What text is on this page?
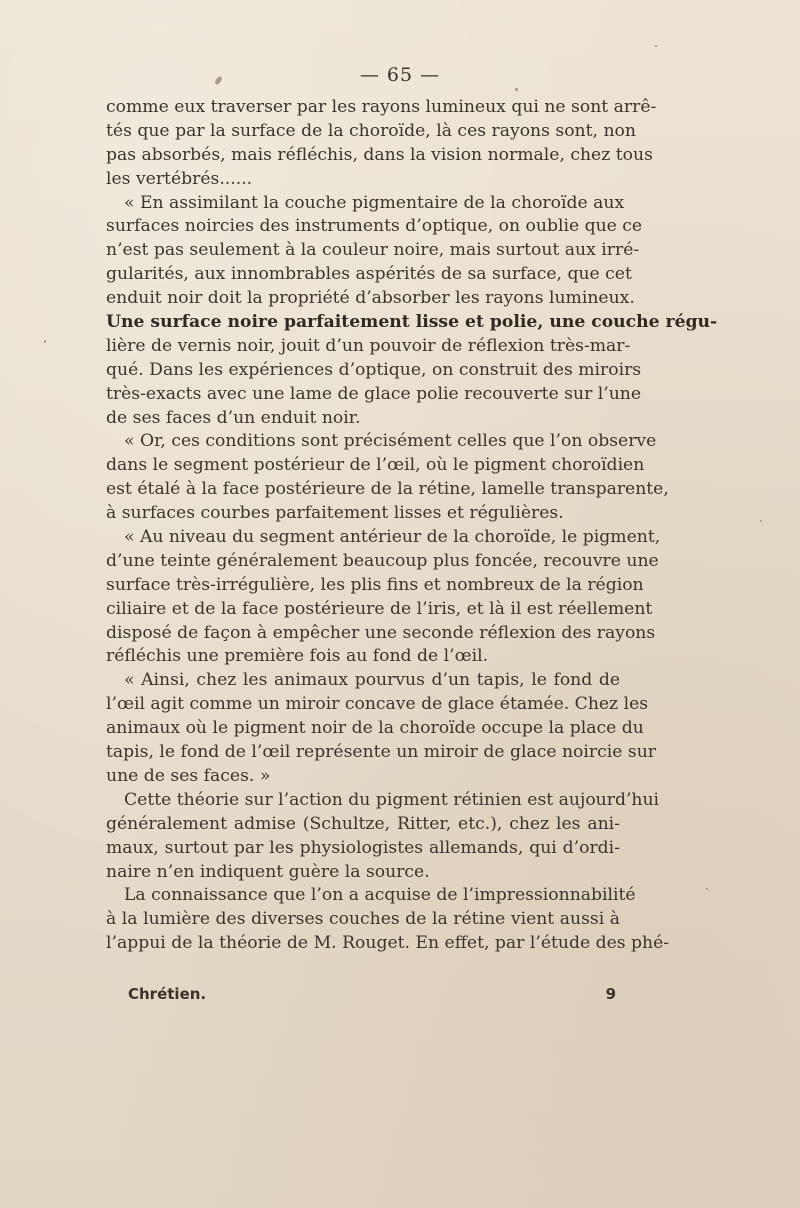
— 65 —
comme eux traverser par les rayons lumineux qui ne sont arrê-
tés que par la surface de la choroïde, là ces rayons sont, non
pas absorbés, mais réfléchis, dans la vision normale, chez tous
les vertébrés......
« En assimilant la couche pigmentaire de la choroïde aux
surfaces noircies des instruments d’optique, on oublie que ce
n’est pas seulement à la couleur noire, mais surtout aux irré-
gularités, aux innombrables aspérités de sa surface, que cet
enduit noir doit la propriété d’absorber les rayons lumineux.
Une surface noire parfaitement lisse et polie, une couche régu-
lière de vernis noir, jouit d’un pouvoir de réflexion très-mar-
qué. Dans les expériences d’optique, on construit des miroirs
très-exacts avec une lame de glace polie recouverte sur l’une
de ses faces d’un enduit noir.
« Or, ces conditions sont précisément celles que l’on observe
dans le segment postérieur de l’œil, où le pigment choroïdien
est étalé à la face postérieure de la rétine, lamelle transparente,
à surfaces courbes parfaitement lisses et régulières.
« Au niveau du segment antérieur de la choroïde, le pigment,
d’une teinte généralement beaucoup plus foncée, recouvre une
surface très-irrégulière, les plis fins et nombreux de la région
ciliaire et de la face postérieure de l’iris, et là il est réellement
disposé de façon à empêcher une seconde réflexion des rayons
réfléchis une première fois au fond de l’œil.
« Ainsi, chez les animaux pourvus d’un tapis, le fond de
l’œil agit comme un miroir concave de glace étamée. Chez les
animaux où le pigment noir de la choroïde occupe la place du
tapis, le fond de l’œil représente un miroir de glace noircie sur
une de ses faces. »
Cette théorie sur l’action du pigment rétinien est aujourd’hui
généralement admise (Schultze, Ritter, etc.), chez les ani-
maux, surtout par les physiologistes allemands, qui d’ordi-
naire n’en indiquent guère la source.
La connaissance que l’on a acquise de l’impressionnabilité
à la lumière des diverses couches de la rétine vient aussi à
l’appui de la théorie de M. Rouget. En effet, par l’étude des phé-
Chrétien.	9
